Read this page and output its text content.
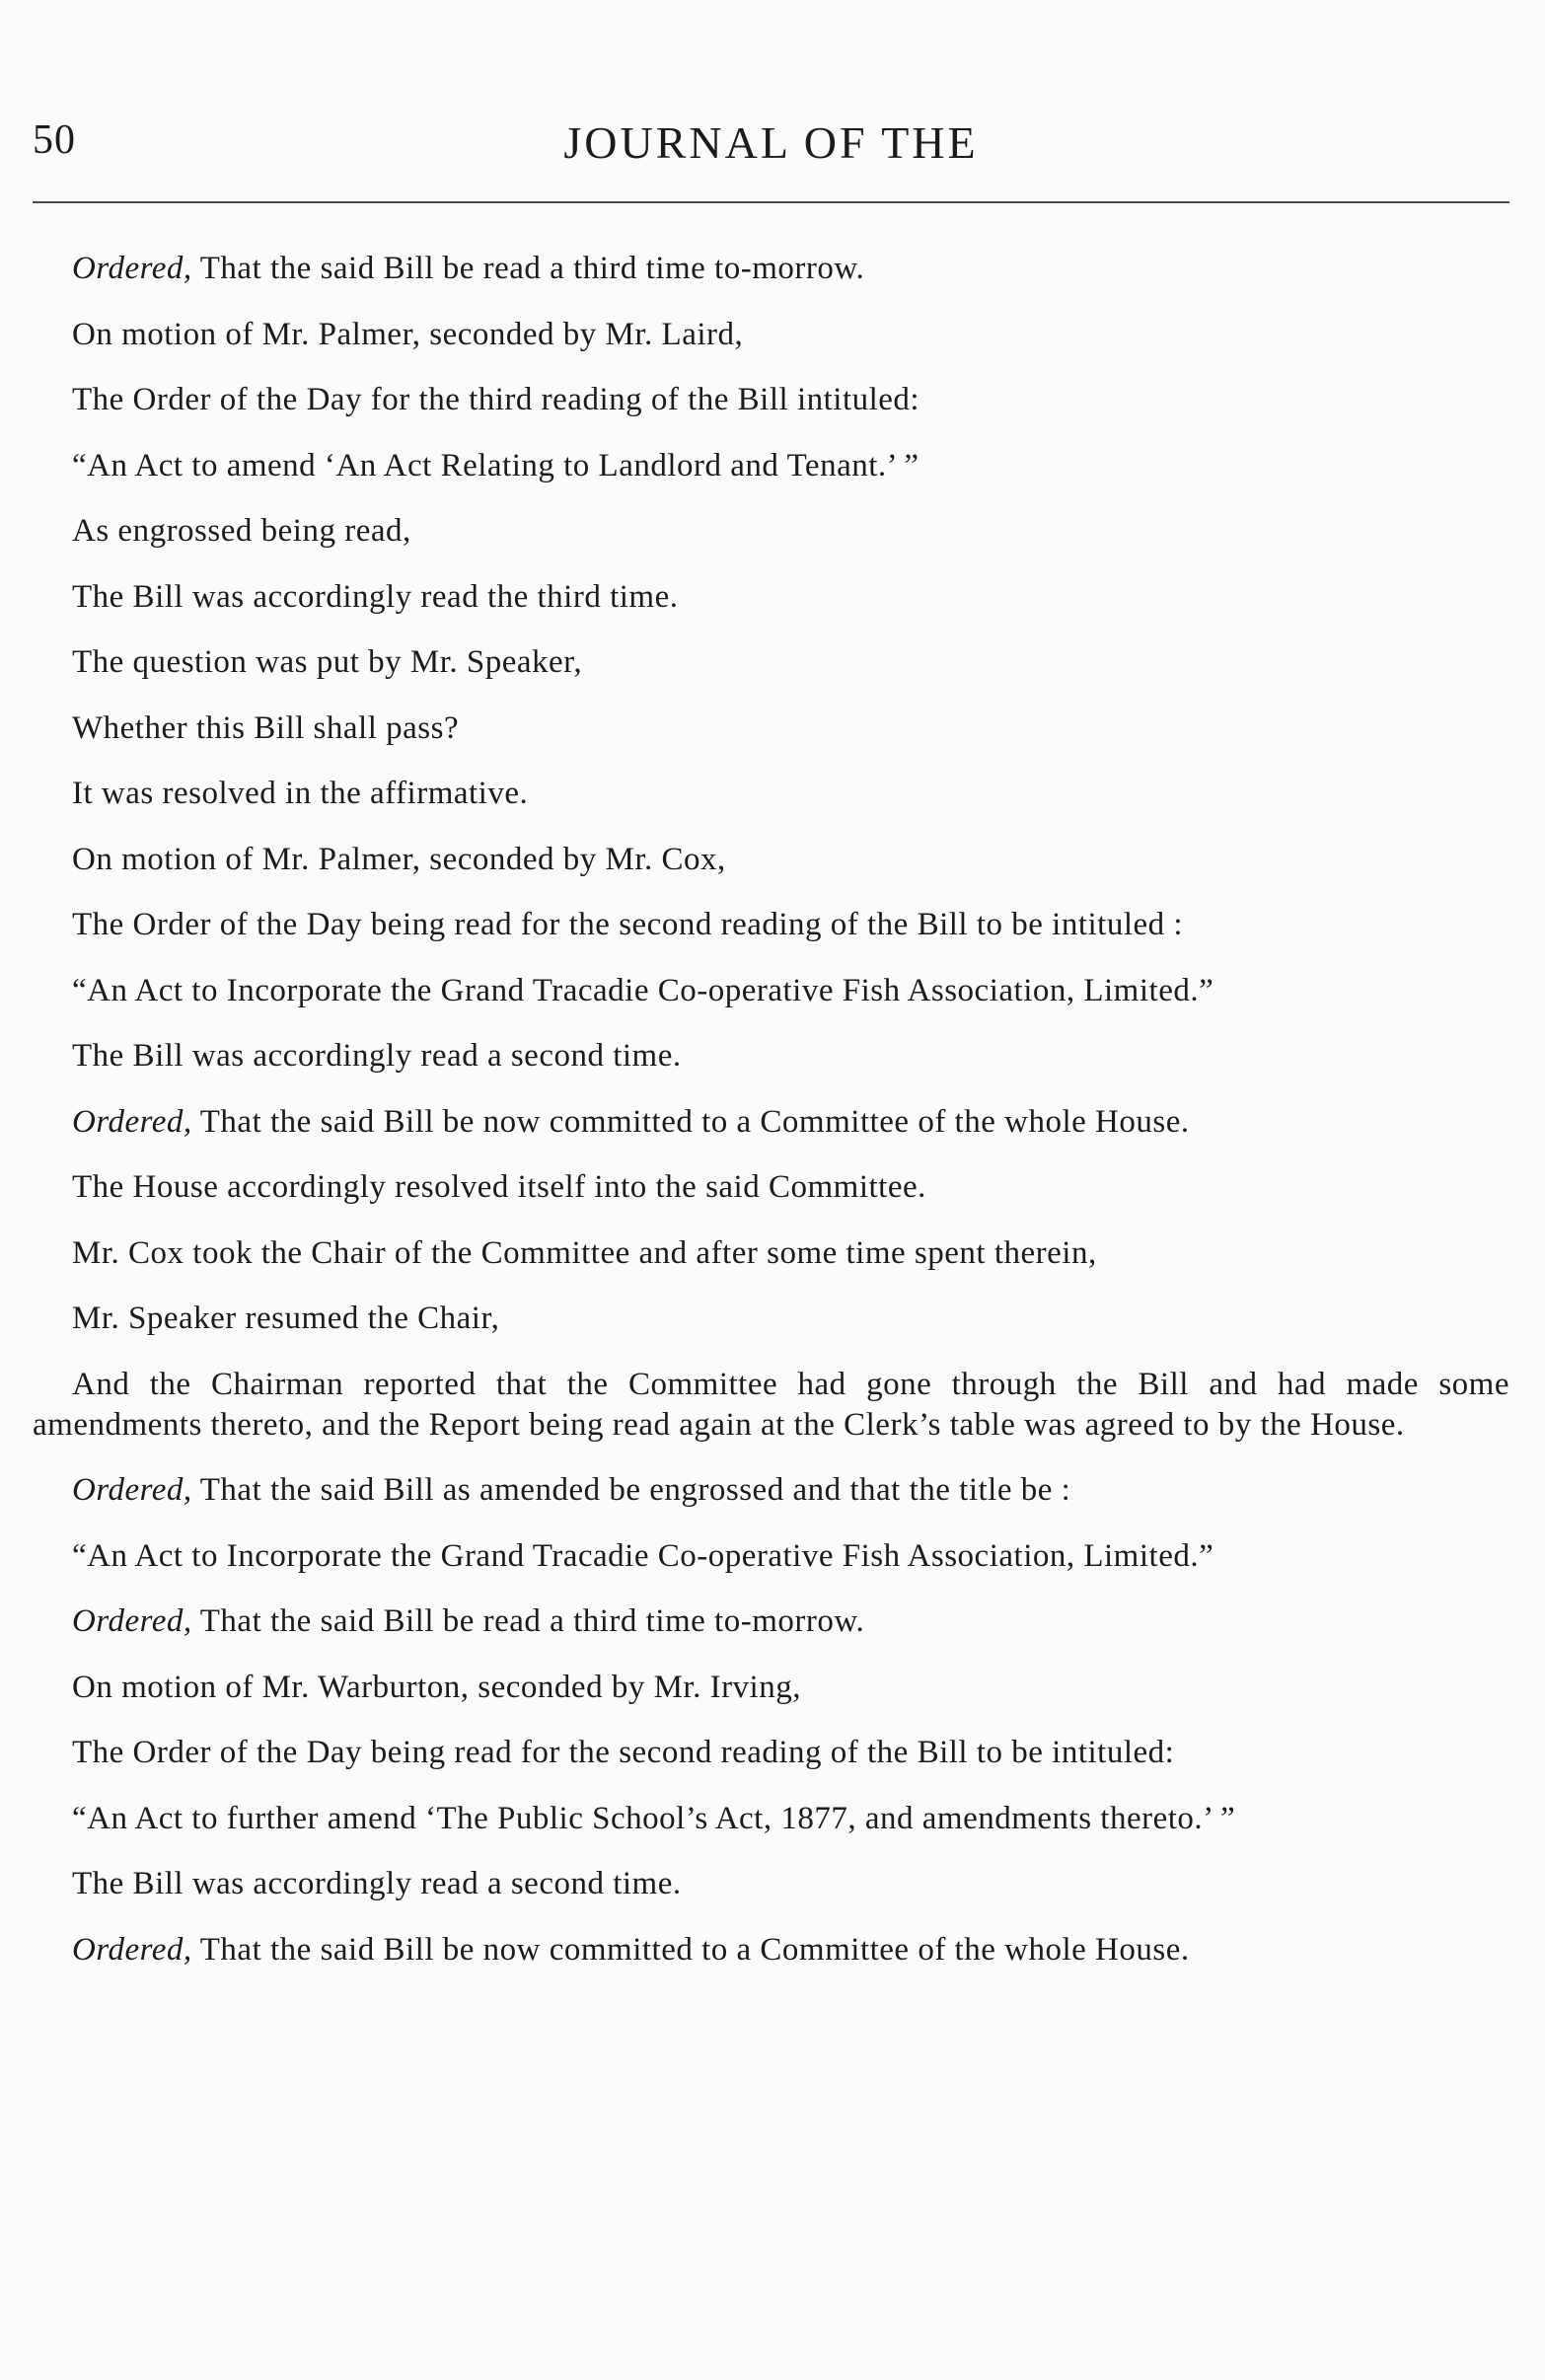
50	JOURNAL OF THE

Ordered, That the said Bill be read a third time to-morrow.

On motion of Mr. Palmer, seconded by Mr. Laird,

The Order of the Day for the third reading of the Bill intituled:

“An Act to amend ‘An Act Relating to Landlord and Tenant.’ ”

As engrossed being read,

The Bill was accordingly read the third time.

The question was put by Mr. Speaker,

Whether this Bill shall pass?

It was resolved in the affirmative.

On motion of Mr. Palmer, seconded by Mr. Cox,

The Order of the Day being read for the second reading of the Bill to be intituled :

“An Act to Incorporate the Grand Tracadie Co-operative Fish Association, Limited.”

The Bill was accordingly read a second time.

Ordered, That the said Bill be now committed to a Committee of the whole House.

The House accordingly resolved itself into the said Committee.

Mr. Cox took the Chair of the Committee and after some time spent therein,

Mr. Speaker resumed the Chair,

And the Chairman reported that the Committee had gone through the Bill and had made some amendments thereto, and the Report being read again at the Clerk’s table was agreed to by the House.

Ordered, That the said Bill as amended be engrossed and that the title be :

“An Act to Incorporate the Grand Tracadie Co-operative Fish Association, Limited.”

Ordered, That the said Bill be read a third time to-morrow.

On motion of Mr. Warburton, seconded by Mr. Irving,

The Order of the Day being read for the second reading of the Bill to be intituled:

“An Act to further amend ‘The Public School’s Act, 1877, and amendments thereto.’ ”

The Bill was accordingly read a second time.

Ordered, That the said Bill be now committed to a Committee of the whole House.
